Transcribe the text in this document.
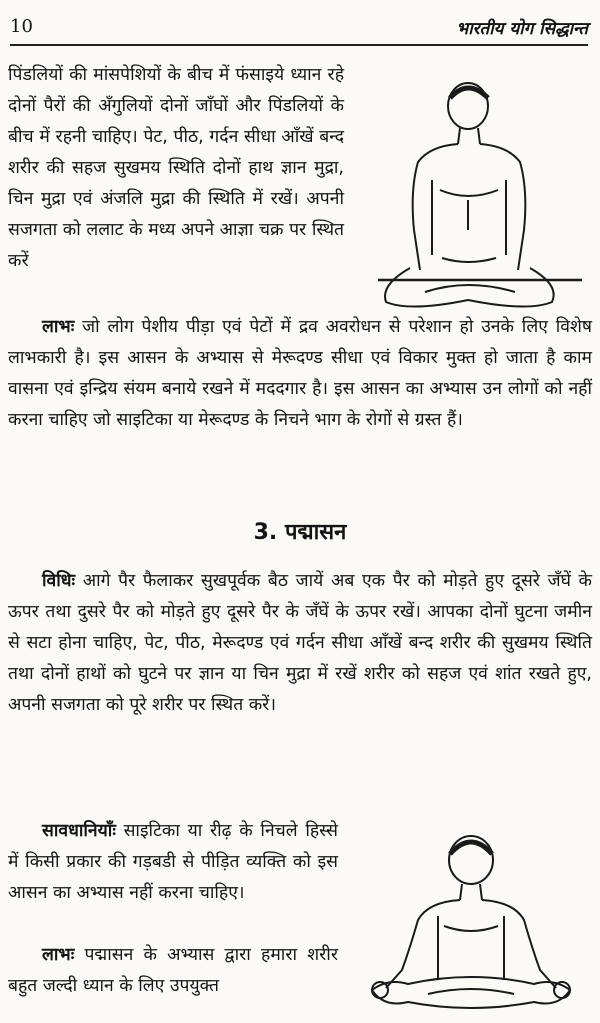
10	भारतीय योग सिद्धान्त

पिंडलियों की मांसपेशियों के बीच में फंसाइये ध्यान रहे दोनों पैरों की अँगुलियों दोनों जाँघों और पिंडलियों के बीच में रहनी चाहिए। पेट, पीठ, गर्दन सीधा आँखें बन्द शरीर की सहज सुखमय स्थिति दोनों हाथ ज्ञान मुद्रा, चिन मुद्रा एवं अंजलि मुद्रा की स्थिति में रखें। अपनी सजगता को ललाट के मध्य अपने आज्ञा चक्र पर स्थित करें

लाभः जो लोग पेशीय पीड़ा एवं पेटों में द्रव अवरोधन से परेशान हो उनके लिए विशेष लाभकारी है। इस आसन के अभ्यास से मेरूदण्ड सीधा एवं विकार मुक्त हो जाता है काम वासना एवं इन्द्रिय संयम बनाये रखने में मददगार है। इस आसन का अभ्यास उन लोगों को नहीं करना चाहिए जो साइटिका या मेरूदण्ड के निचने भाग के रोगों से ग्रस्त हैं।

3. पद्मासन

विधिः आगे पैर फैलाकर सुखपूर्वक बैठ जायें अब एक पैर को मोड़ते हुए दूसरे जँघें के ऊपर तथा दुसरे पैर को मोड़ते हुए दूसरे पैर के जँघें के ऊपर रखें। आपका दोनों घुटना जमीन से सटा होना चाहिए, पेट, पीठ, मेरूदण्ड एवं गर्दन सीधा आँखें बन्द शरीर की सुखमय स्थिति तथा दोनों हाथों को घुटने पर ज्ञान या चिन मुद्रा में रखें शरीर को सहज एवं शांत रखते हुए, अपनी सजगता को पूरे शरीर पर स्थित करें।

सावधानियाँः साइटिका या रीढ़ के निचले हिस्से में किसी प्रकार की गड़बडी से पीड़ित व्यक्ति को इस आसन का अभ्यास नहीं करना चाहिए।

लाभः पद्मासन के अभ्यास द्वारा हमारा शरीर बहुत जल्दी ध्यान के लिए उपयुक्त
